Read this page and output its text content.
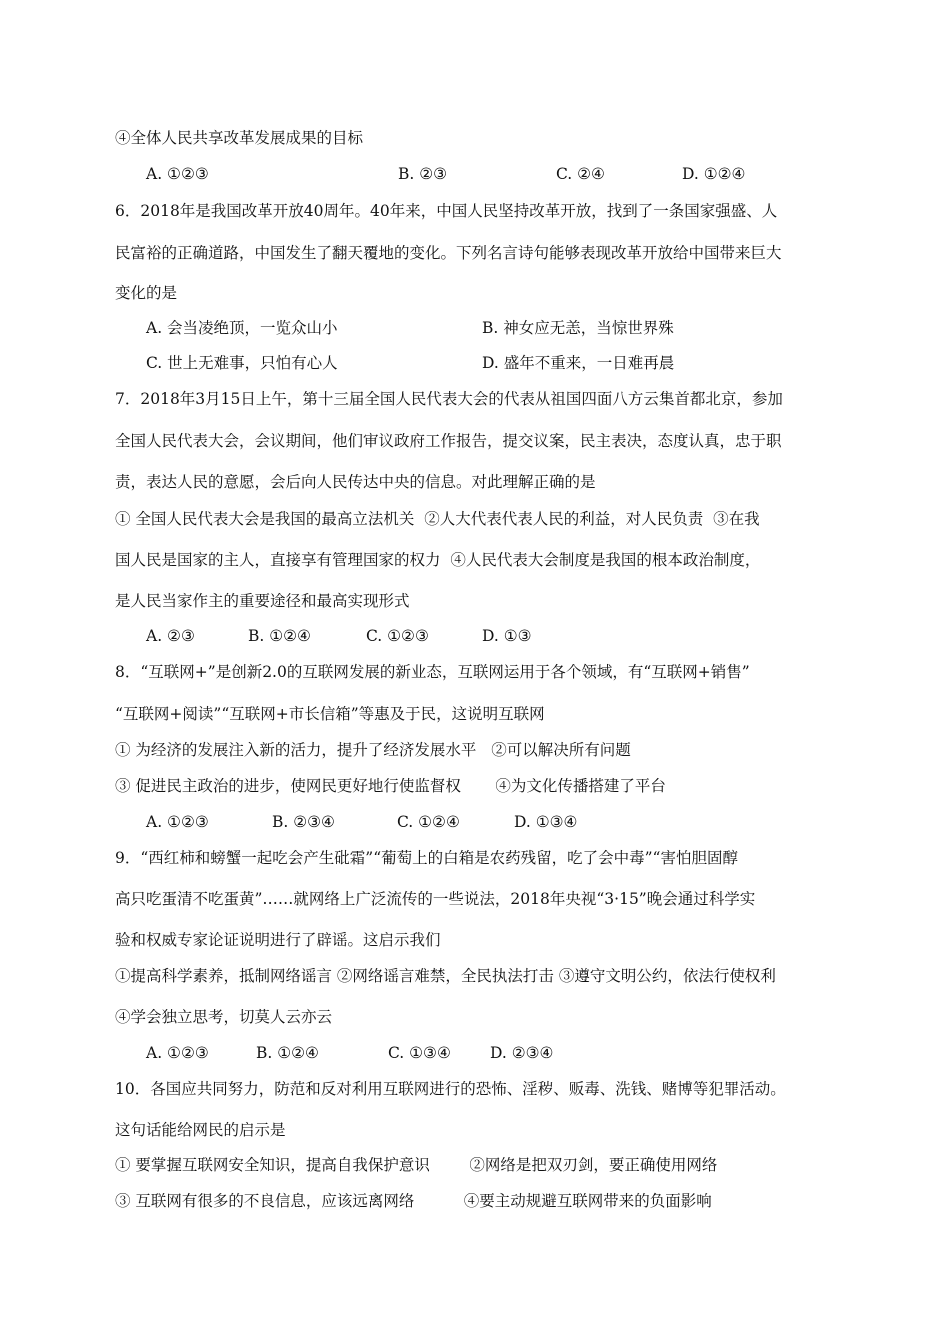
④全体人民共享改革发展成果的目标
A. ①②③	B. ②③	C. ②④	D. ①②④
6．2018年是我国改革开放40周年。40年来，中国人民坚持改革开放，找到了一条国家强盛、人
民富裕的正确道路，中国发生了翻天覆地的变化。下列名言诗句能够表现改革开放给中国带来巨大
变化的是
A. 会当凌绝顶，一览众山小	B. 神女应无恙，当惊世界殊
C. 世上无难事，只怕有心人	D. 盛年不重来，一日难再晨
7．2018年3月15日上午，第十三届全国人民代表大会的代表从祖国四面八方云集首都北京，参加
全国人民代表大会，会议期间，他们审议政府工作报告，提交议案，民主表决，态度认真，忠于职
责，表达人民的意愿，会后向人民传达中央的信息。对此理解正确的是
① 全国人民代表大会是我国的最高立法机关  ②人大代表代表人民的利益，对人民负责  ③在我
国人民是国家的主人，直接享有管理国家的权力  ④人民代表大会制度是我国的根本政治制度，
是人民当家作主的重要途径和最高实现形式
A. ②③	B. ①②④	C. ①②③	D. ①③
8．“互联网+”是创新2.0的互联网发展的新业态，互联网运用于各个领域，有“互联网+销售”
“互联网+阅读”“互联网+市长信箱”等惠及于民，这说明互联网
① 为经济的发展注入新的活力，提升了经济发展水平   ②可以解决所有问题
③ 促进民主政治的进步，使网民更好地行使监督权       ④为文化传播搭建了平台
A. ①②③	B. ②③④	C. ①②④	D. ①③④
9．“西红柿和螃蟹一起吃会产生砒霜”“葡萄上的白箱是农药残留，吃了会中毒”“害怕胆固醇
高只吃蛋清不吃蛋黄”……就网络上广泛流传的一些说法，2018年央视“3·15”晚会通过科学实
验和权威专家论证说明进行了辟谣。这启示我们
①提高科学素养，抵制网络谣言 ②网络谣言难禁，全民执法打击 ③遵守文明公约，依法行使权利
④学会独立思考，切莫人云亦云
A. ①②③	B. ①②④	C. ①③④	D. ②③④
10．各国应共同努力，防范和反对利用互联网进行的恐怖、淫秽、贩毒、洗钱、赌博等犯罪活动。
这句话能给网民的启示是
① 要掌握互联网安全知识，提高自我保护意识        ②网络是把双刃剑，要正确使用网络
③ 互联网有很多的不良信息，应该远离网络          ④要主动规避互联网带来的负面影响
